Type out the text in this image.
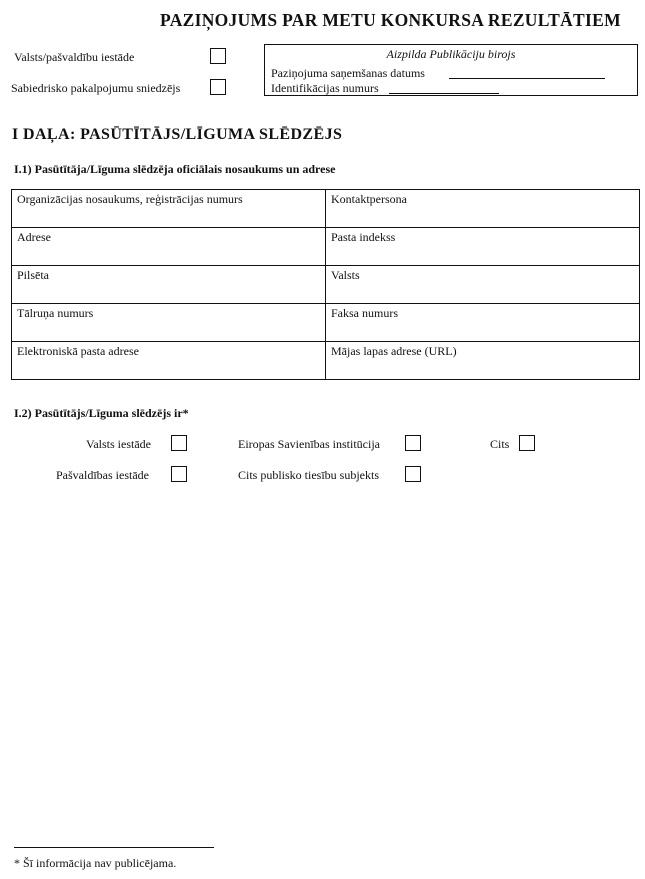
PAZIŅOJUMS PAR METU KONKURSA REZULTĀTIEM
Valsts/pašvaldību iestāde
Sabiedrisko pakalpojumu sniedzējs
Aizpilda Publikāciju birojs
Paziņojuma saņemšanas datums
Identifikācijas numurs
I DAĻA: PASŪTĪTĀJS/LĪGUMA SLĒDZĒJS
I.1) Pasūtītāja/Līguma slēdzēja oficiālais nosaukums un adrese
Organizācijas nosaukums, reģistrācijas numurs	Kontaktpersona
Adrese	Pasta indekss
Pilsēta	Valsts
Tālruņa numurs	Faksa numurs
Elektroniskā pasta adrese	Mājas lapas adrese (URL)
I.2) Pasūtītājs/Līguma slēdzējs ir*
Valsts iestāde	Eiropas Savienības institūcija	Cits
Pašvaldības iestāde	Cits publisko tiesību subjekts
* Šī informācija nav publicējama.
